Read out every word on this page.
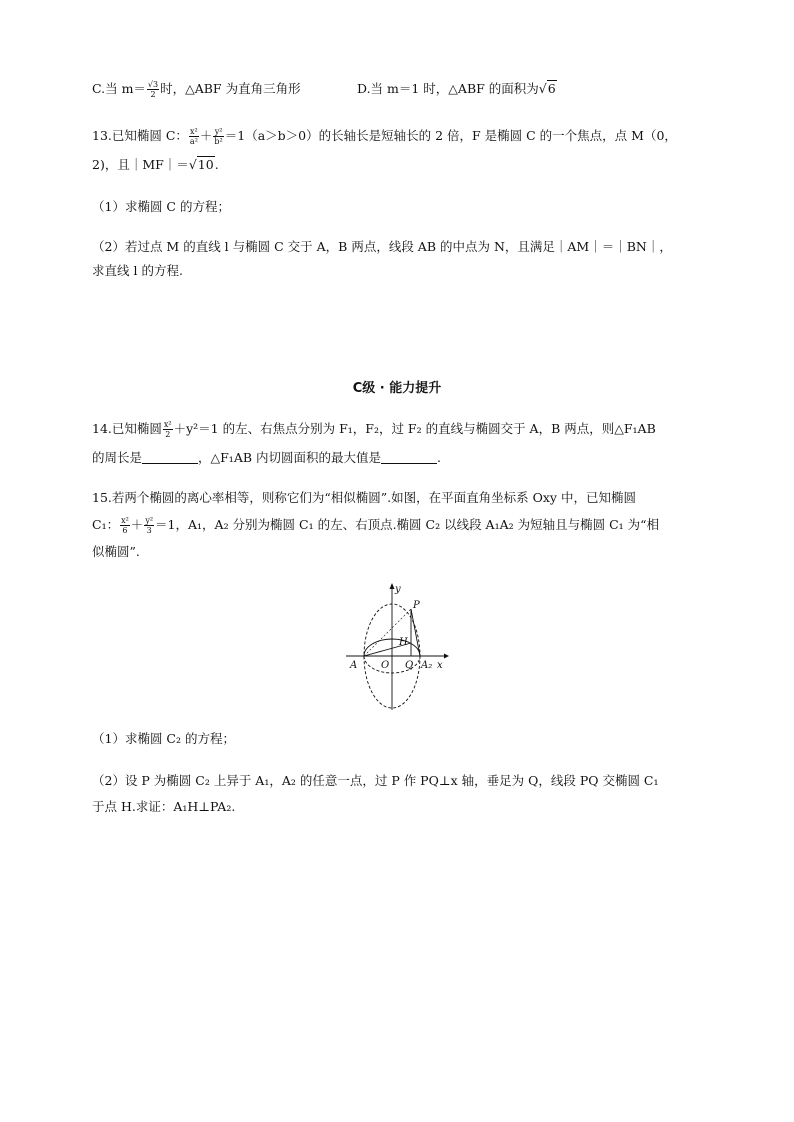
C.当 $m= \frac{√3}{2}$ 时，△ABF 为直角三角形	D.当 m＝1 时，△ABF 的面积为√6
13.已知椭圆 C： $\frac{\text{x²}}{\text{a²}} + \frac{\text{y²}}{\text{b²}} =1(a>b>0)$的长轴长是短轴长的 2 倍，F 是椭圆 C 的一个焦点，点 M（0，
2)，且｜MF｜＝√10.
（1）求椭圆 C 的方程；
（2）若过点 M 的直线 l 与椭圆 C 交于 A，B 两点，线段 AB 的中点为 N，且满足｜AM｜＝｜BN｜，
求直线 l 的方程.
C级 · 能力提升
14.已知椭圆 $\frac{\text{x²}}{2} +y^2=1$ 的左、右焦点分别为 F₁，F₂，过 F₂ 的直线与椭圆交于 A，B 两点，则△F₁AB
的周长是	，△F₁AB 内切圆面积的最大值是	.
15.若两个椭圆的离心率相等，则称它们为“相似椭圆”.如图，在平面直角坐标系 Oxy 中，已知椭圆
C₁： $\frac{\text{x²}}{6} + \frac{\text{y²}}{3} =1$，A₁，A₂ 分别为椭圆 C₁ 的左、右顶点.椭圆 C₂ 以线段 A₁A₂ 为短轴且与椭圆 C₁ 为“相
似椭圆”.
y
P
H
A O Q A₂ x
（1）求椭圆 C₂ 的方程；
（2）设 P 为椭圆 C₂ 上异于 A₁，A₂ 的任意一点，过 P 作 PQ⊥x 轴，垂足为 Q，线段 PQ 交椭圆 C₁
于点 H.求证：A₁H⊥PA₂.
